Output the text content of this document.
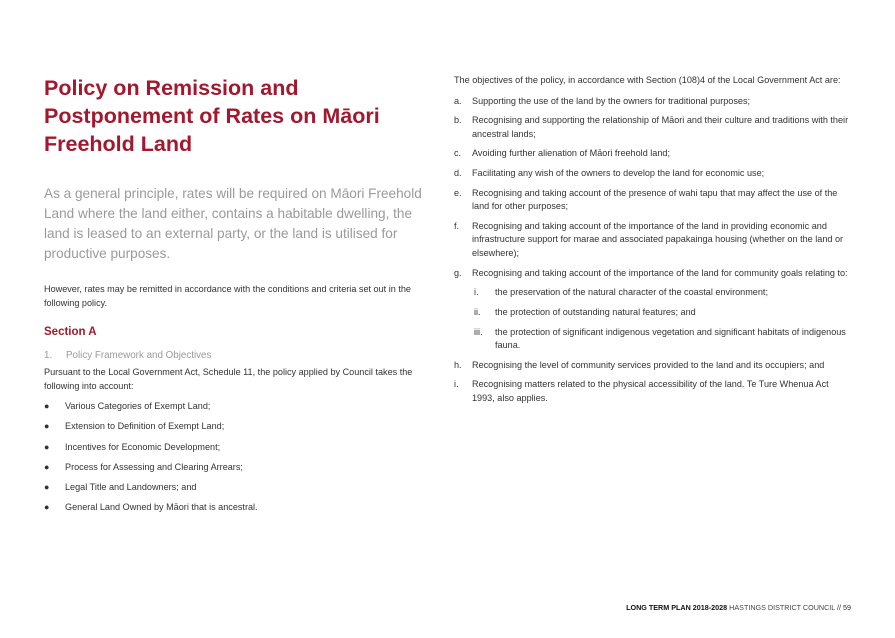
Policy on Remission and Postponement of Rates on Māori Freehold Land

As a general principle, rates will be required on Māori Freehold Land where the land either, contains a habitable dwelling, the land is leased to an external party, or the land is utilised for productive purposes.

However, rates may be remitted in accordance with the conditions and criteria set out in the following policy.

Section A

1. Policy Framework and Objectives

Pursuant to the Local Government Act, Schedule 11, the policy applied by Council takes the following into account:

● Various Categories of Exempt Land;
● Extension to Definition of Exempt Land;
● Incentives for Economic Development;
● Process for Assessing and Clearing Arrears;
● Legal Title and Landowners; and
● General Land Owned by Māori that is ancestral.

The objectives of the policy, in accordance with Section (108)4 of the Local Government Act are:

a. Supporting the use of the land by the owners for traditional purposes;
b. Recognising and supporting the relationship of Māori and their culture and traditions with their ancestral lands;
c. Avoiding further alienation of Māori freehold land;
d. Facilitating any wish of the owners to develop the land for economic use;
e. Recognising and taking account of the presence of wahi tapu that may affect the use of the land for other purposes;
f. Recognising and taking account of the importance of the land in providing economic and infrastructure support for marae and associated papakainga housing (whether on the land or elsewhere);
g. Recognising and taking account of the importance of the land for community goals relating to:
i. the preservation of the natural character of the coastal environment;
ii. the protection of outstanding natural features; and
iii. the protection of significant indigenous vegetation and significant habitats of indigenous fauna.
h. Recognising the level of community services provided to the land and its occupiers; and
i. Recognising matters related to the physical accessibility of the land. Te Ture Whenua Act 1993, also applies.
LONG TERM PLAN 2018-2028 HASTINGS DISTRICT COUNCIL // 59
